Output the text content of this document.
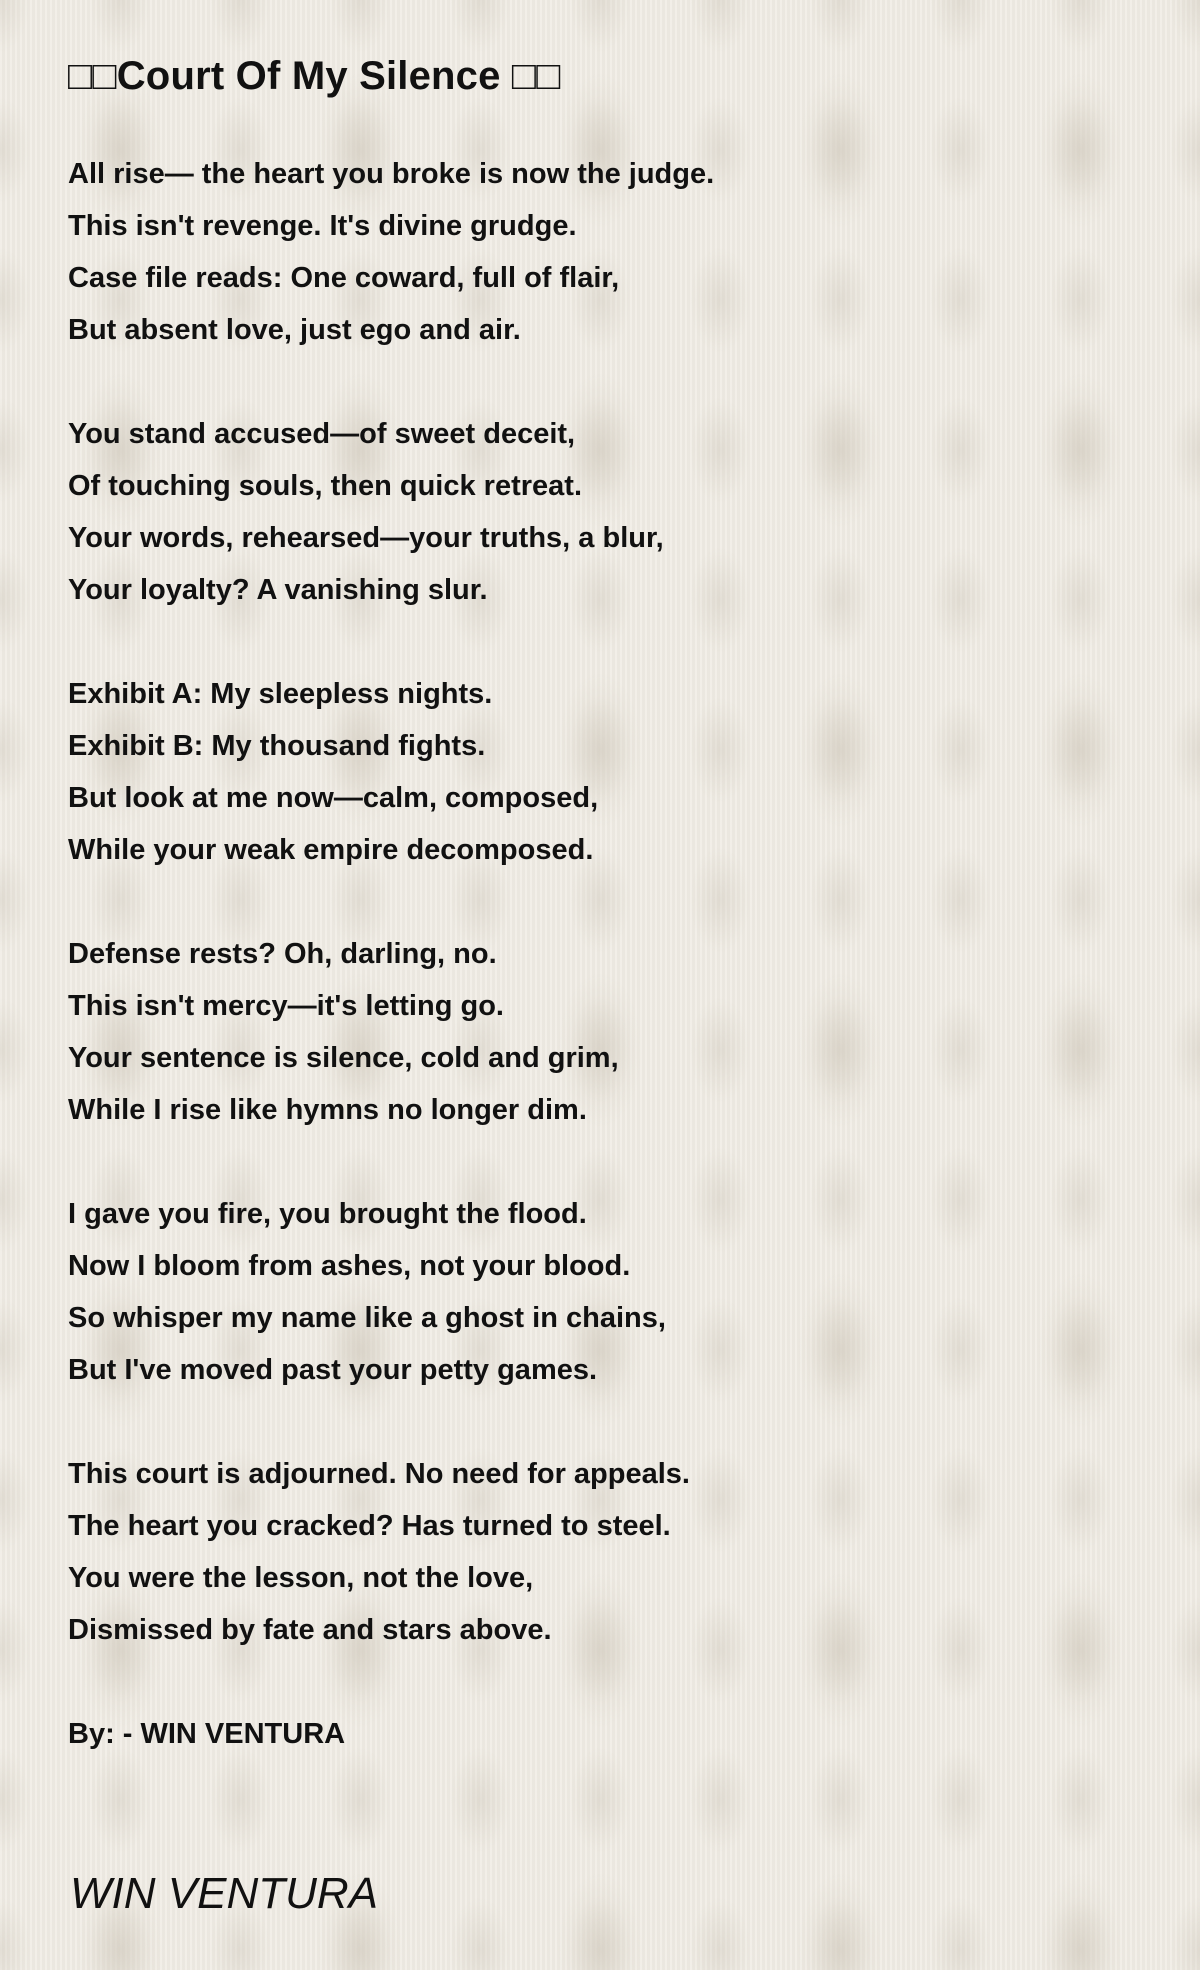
□□Court Of My Silence □□
All rise— the heart you broke is now the judge.
This isn't revenge. It's divine grudge.
Case file reads: One coward, full of flair,
But absent love, just ego and air.
You stand accused—of sweet deceit,
Of touching souls, then quick retreat.
Your words, rehearsed—your truths, a blur,
Your loyalty? A vanishing slur.
Exhibit A: My sleepless nights.
Exhibit B: My thousand fights.
But look at me now—calm, composed,
While your weak empire decomposed.
Defense rests? Oh, darling, no.
This isn't mercy—it's letting go.
Your sentence is silence, cold and grim,
While I rise like hymns no longer dim.
I gave you fire, you brought the flood.
Now I bloom from ashes, not your blood.
So whisper my name like a ghost in chains,
But I've moved past your petty games.
This court is adjourned. No need for appeals.
The heart you cracked? Has turned to steel.
You were the lesson, not the love,
Dismissed by fate and stars above.
By: - WIN VENTURA
WIN VENTURA
